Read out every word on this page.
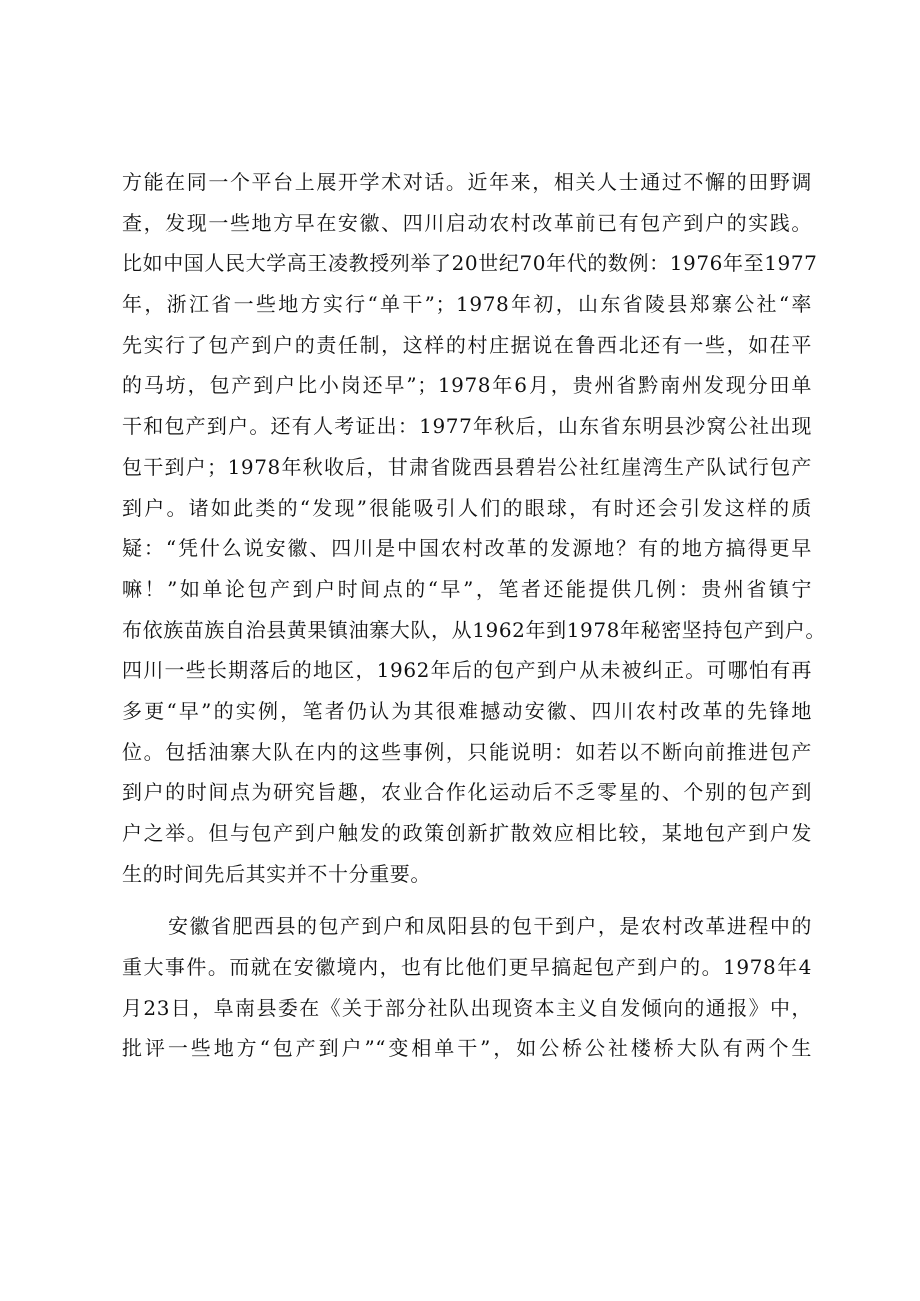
方能在同一个平台上展开学术对话。近年来，相关人士通过不懈的田野调
查，发现一些地方早在安徽、四川启动农村改革前已有包产到户的实践。
比如中国人民大学高王凌教授列举了20世纪70年代的数例：1976年至1977
年，浙江省一些地方实行“单干”；1978年初，山东省陵县郑寨公社“率
先实行了包产到户的责任制，这样的村庄据说在鲁西北还有一些，如茌平
的马坊，包产到户比小岗还早”；1978年6月，贵州省黔南州发现分田单
干和包产到户。还有人考证出：1977年秋后，山东省东明县沙窝公社出现
包干到户；1978年秋收后，甘肃省陇西县碧岩公社红崖湾生产队试行包产
到户。诸如此类的“发现”很能吸引人们的眼球，有时还会引发这样的质
疑：“凭什么说安徽、四川是中国农村改革的发源地？有的地方搞得更早
嘛！”如单论包产到户时间点的“早”，笔者还能提供几例：贵州省镇宁
布依族苗族自治县黄果镇油寨大队，从1962年到1978年秘密坚持包产到户。
四川一些长期落后的地区，1962年后的包产到户从未被纠正。可哪怕有再
多更“早”的实例，笔者仍认为其很难撼动安徽、四川农村改革的先锋地
位。包括油寨大队在内的这些事例，只能说明：如若以不断向前推进包产
到户的时间点为研究旨趣，农业合作化运动后不乏零星的、个别的包产到
户之举。但与包产到户触发的政策创新扩散效应相比较，某地包产到户发
生的时间先后其实并不十分重要。
安徽省肥西县的包产到户和凤阳县的包干到户，是农村改革进程中的
重大事件。而就在安徽境内，也有比他们更早搞起包产到户的。1978年4
月23日，阜南县委在《关于部分社队出现资本主义自发倾向的通报》中，
批评一些地方“包产到户”“变相单干”，如公桥公社楼桥大队有两个生
